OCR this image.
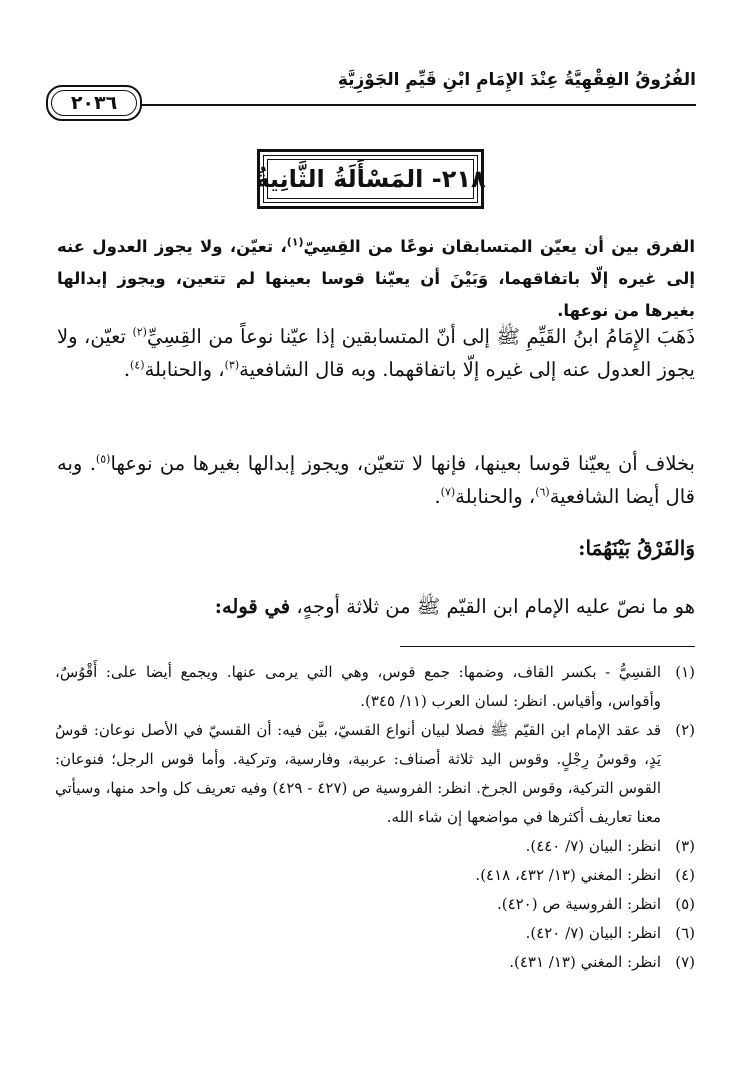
الفُرُوقُ الفِقْهِيَّةُ عِنْدَ الإِمَامِ ابْنِ قَيِّمِ الجَوْزِيَّةِ
٢٠٣٦
٢١٨- المَسْأَلَةُ الثَّانِيةُ
الفرق بين أن يعيّن المتسابقان نوعًا من القِسِيّ$^{(١)}$، تعيّن، ولا يجوز العدول عنه إلى غيره إلّا باتفاقهما، وَبَيْنَ أن يعيّنا قوسا بعينها لم تتعين، ويجوز إبدالها بغيرها من نوعها.
ذَهَبَ الإِمَامُ ابنُ القَيِّمِ ﷺ إلى أنّ المتسابقين إذا عيّنا نوعاً من القِسِيِّ$^{(٢)}$ تعيّن، ولا يجوز العدول عنه إلى غيره إلّا باتفاقهما. وبه قال الشافعية$^{(٣)}$، والحنابلة$^{(٤)}$.
بخلاف أن يعيّنا قوسا بعينها، فإنها لا تتعيّن، ويجوز إبدالها بغيرها من نوعها$^{(٥)}$. وبه قال أيضا الشافعية$^{(٦)}$، والحنابلة$^{(٧)}$.
وَالفَرْقُ بَيْنَهُمَا:
هو ما نصّ عليه الإمام ابن القيّم ﷺ من ثلاثة أوجهٍ، في قوله:
(١)
القسِيُّ - بكسر القاف، وضمها: جمع قوس، وهي التي يرمى عنها. ويجمع أيضا على: أَقْوُسٌ، وأقواس، وأقياس. انظر: لسان العرب (١١/ ٣٤٥).
(٢)
قد عقد الإمام ابن القيّم ﷺ فصلا لبيان أنواع القسيّ، بيَّن فيه: أن القسيّ في الأصل نوعان: قوسُ يَدٍ، وقوسُ رِجْلٍ. وقوس اليد ثلاثة أصناف: عربية، وفارسية، وتركية. وأما قوس الرجل؛ فنوعان: القوس التركية، وقوس الجرخ. انظر: الفروسية ص (٤٢٧ - ٤٢٩) وفيه تعريف كل واحد منها، وسيأتي معنا تعاريف أكثرها في مواضعها إن شاء الله.
(٣)
انظر: البيان (٧/ ٤٤٠).
(٤)
انظر: المغني (١٣/ ٤٣٢، ٤١٨).
(٥)
انظر: الفروسية ص (٤٢٠).
(٦)
انظر: البيان (٧/ ٤٢٠).
(٧)
انظر: المغني (١٣/ ٤٣١).
